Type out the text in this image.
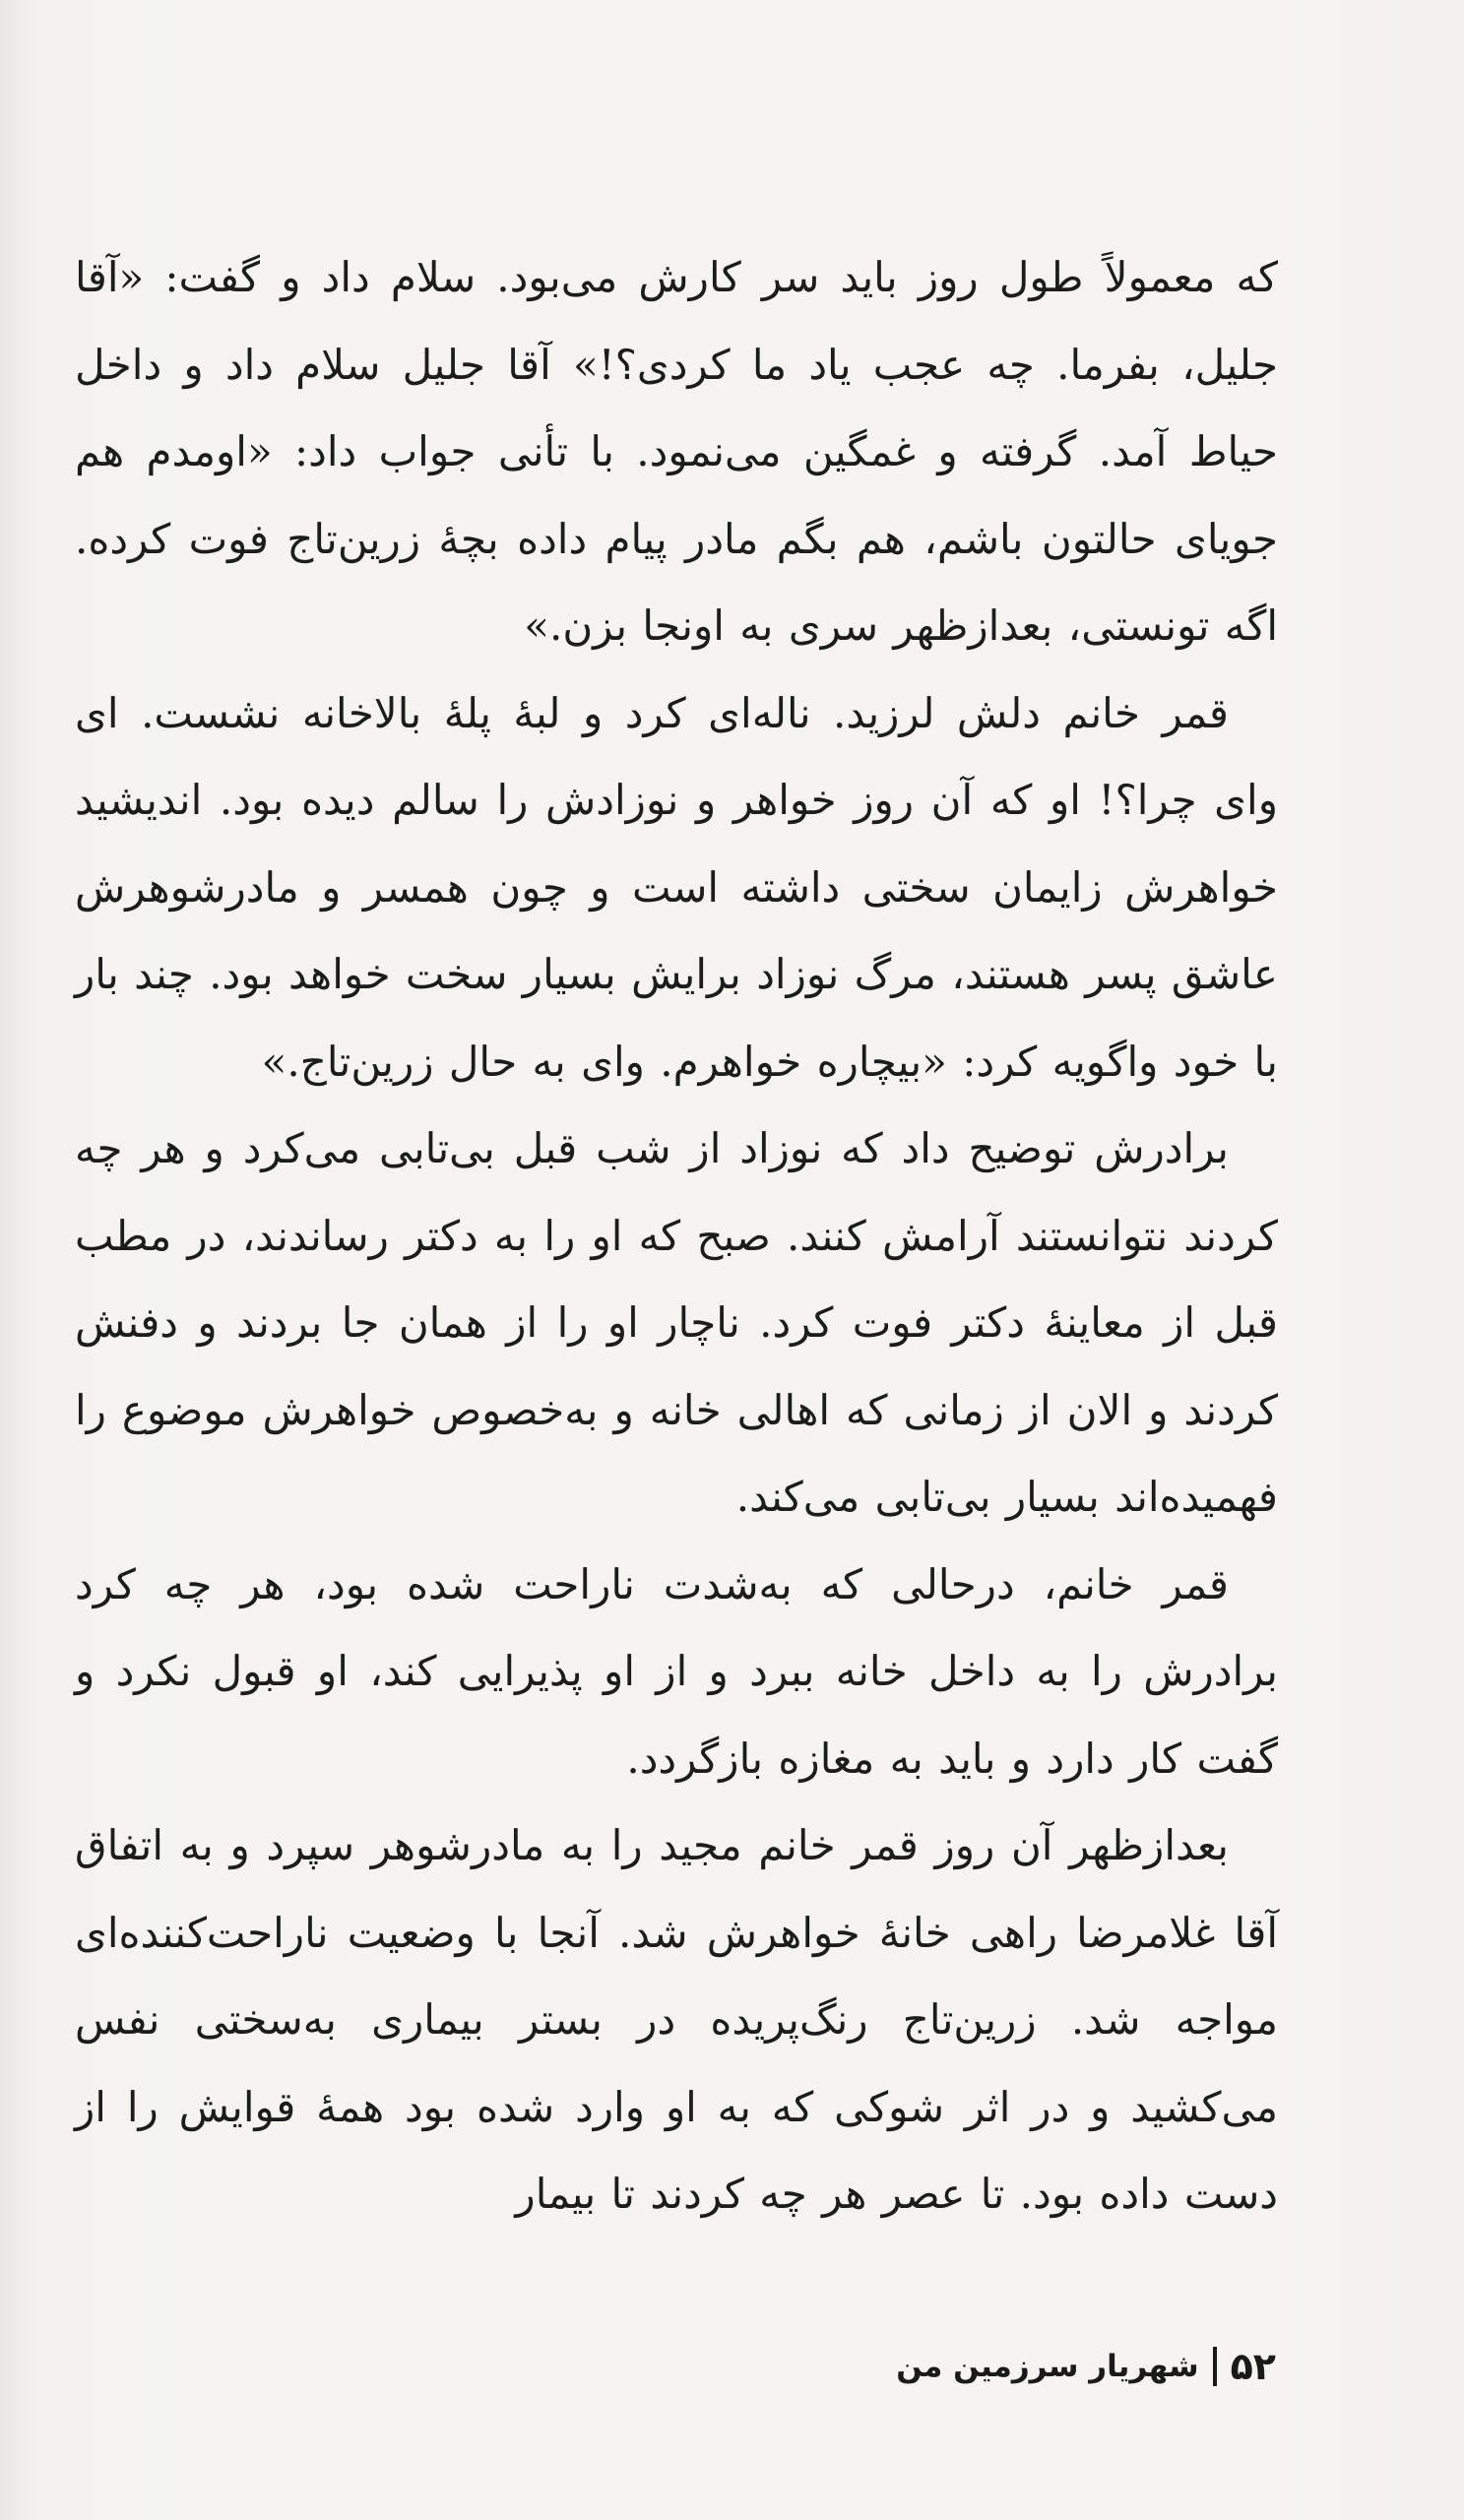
که معمولاً طول روز باید سر کارش می‌بود. سلام داد و گفت: «آقا جلیل، بفرما. چه عجب یاد ما کردی؟!» آقا جلیل سلام داد و داخل حیاط آمد. گرفته و غمگین می‌نمود. با تأنی جواب داد: «اومدم هم جویای حالتون باشم، هم بگم مادر پیام داده بچۀ زرین‌تاج فوت کرده. اگه تونستی، بعدازظهر سری به اونجا بزن.»

قمر خانم دلش لرزید. ناله‌ای کرد و لبۀ پلۀ بالاخانه نشست. ای وای چرا؟! او که آن روز خواهر و نوزادش را سالم دیده بود. اندیشید خواهرش زایمان سختی داشته است و چون همسر و مادرشوهرش عاشق پسر هستند، مرگ نوزاد برایش بسیار سخت خواهد بود. چند بار با خود واگویه کرد: «بیچاره خواهرم. وای به حال زرین‌تاج.»

برادرش توضیح داد که نوزاد از شب قبل بی‌تابی می‌کرد و هر چه کردند نتوانستند آرامش کنند. صبح که او را به دکتر رساندند، در مطب قبل از معاینۀ دکتر فوت کرد. ناچار او را از همان جا بردند و دفنش کردند و الان از زمانی که اهالی خانه و به‌خصوص خواهرش موضوع را فهمیده‌اند بسیار بی‌تابی می‌کند.

قمر خانم، درحالی که به‌شدت ناراحت شده بود، هر چه کرد برادرش را به داخل خانه ببرد و از او پذیرایی کند، او قبول نکرد و گفت کار دارد و باید به مغازه بازگردد.

بعدازظهر آن روز قمر خانم مجید را به مادرشوهر سپرد و به اتفاق آقا غلامرضا راهی خانۀ خواهرش شد. آنجا با وضعیت ناراحت‌کننده‌ای مواجه شد. زرین‌تاج رنگ‌پریده در بستر بیماری به‌سختی نفس می‌کشید و در اثر شوکی که به او وارد شده بود همۀ قوایش را از دست داده بود. تا عصر هر چه کردند تا بیمار

۵۲
شهریار سرزمین من
